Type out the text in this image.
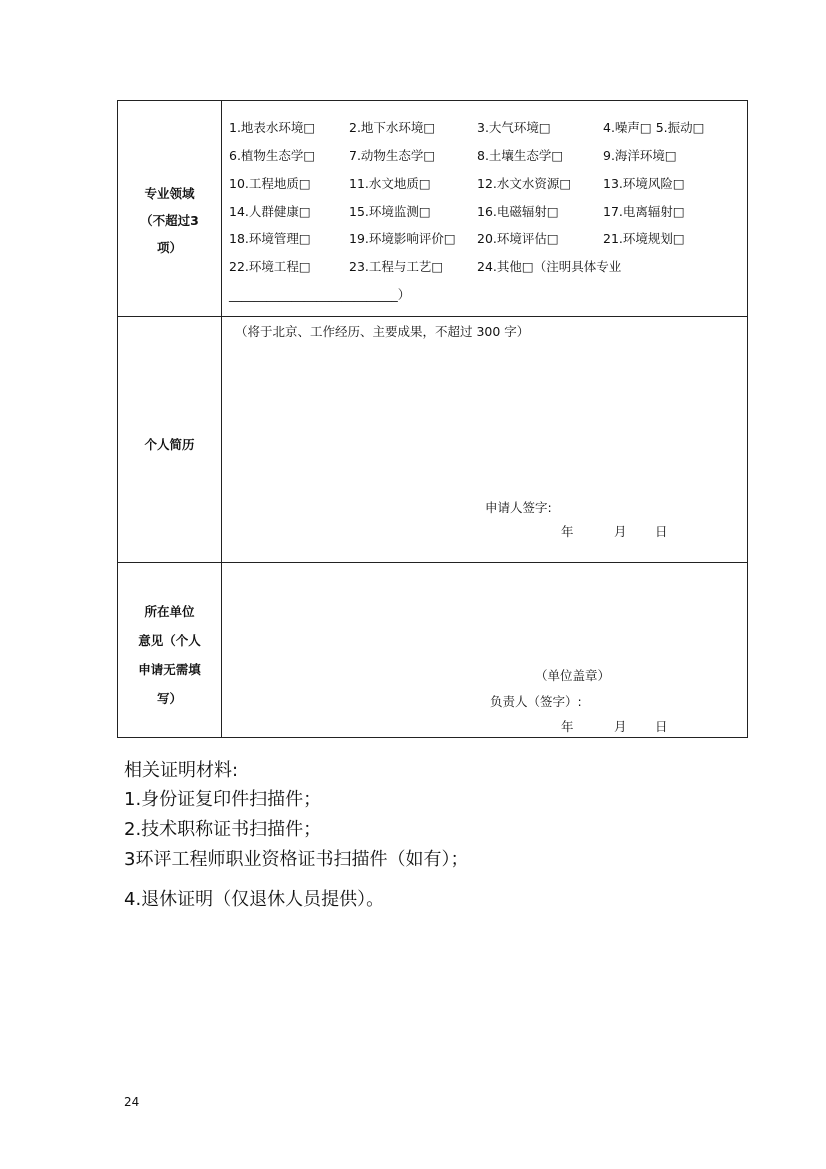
专业领域
（不超过3
项）
1.地表水环境□	2.地下水环境□	3.大气环境□	4.噪声□ 5.振动□
6.植物生态学□	7.动物生态学□	8.土壤生态学□	9.海洋环境□
10.工程地质□	11.水文地质□	12.水文水资源□	13.环境风险□
14.人群健康□	15.环境监测□	16.电磁辐射□	17.电离辐射□
18.环境管理□	19.环境影响评价□ 20.环境评估□	21.环境规划□
22.环境工程□	23.工程与工艺□	24.其他□（注明具体专业
___________________________）
个人简历
（将于北京、工作经历、主要成果，不超过 300 字）
申请人签字:
年	月 日
所在单位
意见（个人
申请无需填
写）
（单位盖章）
负责人（签字）:
年	月 日
相关证明材料:
1.身份证复印件扫描件；
2.技术职称证书扫描件；
3环评工程师职业资格证书扫描件（如有）；
4.退休证明（仅退休人员提供）。
24
